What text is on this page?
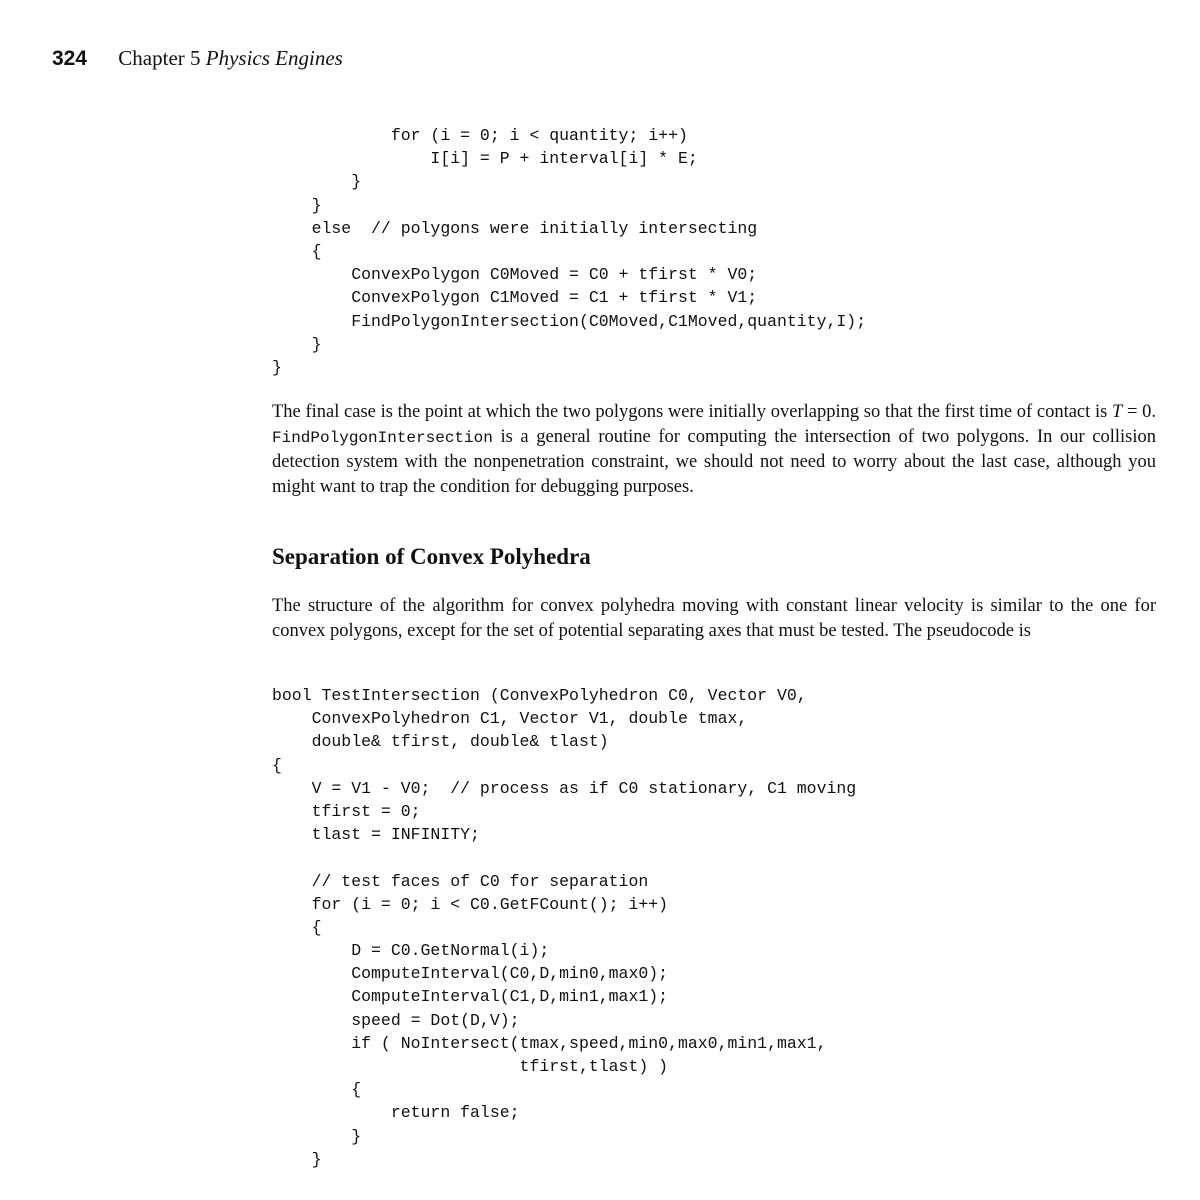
324 Chapter 5 Physics Engines
for (i = 0; i < quantity; i++)
I[i] = P + interval[i] * E;
}
}
else  // polygons were initially intersecting
{
ConvexPolygon C0Moved = C0 + tfirst * V0;
ConvexPolygon C1Moved = C1 + tfirst * V1;
FindPolygonIntersection(C0Moved,C1Moved,quantity,I);
}
}

The final case is the point at which the two polygons were initially overlapping so that the first time of contact is T = 0. FindPolygonIntersection is a general routine for computing the intersection of two polygons. In our collision detection system with the nonpenetration constraint, we should not need to worry about the last case, although you might want to trap the condition for debugging purposes.

Separation of Convex Polyhedra

The structure of the algorithm for convex polyhedra moving with constant linear velocity is similar to the one for convex polygons, except for the set of potential separating axes that must be tested. The pseudocode is

bool TestIntersection (ConvexPolyhedron C0, Vector V0,
ConvexPolyhedron C1, Vector V1, double tmax,
double& tfirst, double& tlast)
{
V = V1 - V0;  // process as if C0 stationary, C1 moving
tfirst = 0;
tlast = INFINITY;
// test faces of C0 for separation
for (i = 0; i < C0.GetFCount(); i++)
{
D = C0.GetNormal(i);
ComputeInterval(C0,D,min0,max0);
ComputeInterval(C1,D,min1,max1);
speed = Dot(D,V);
if ( NoIntersect(tmax,speed,min0,max0,min1,max1,
tfirst,tlast) )
{
return false;
}
}
